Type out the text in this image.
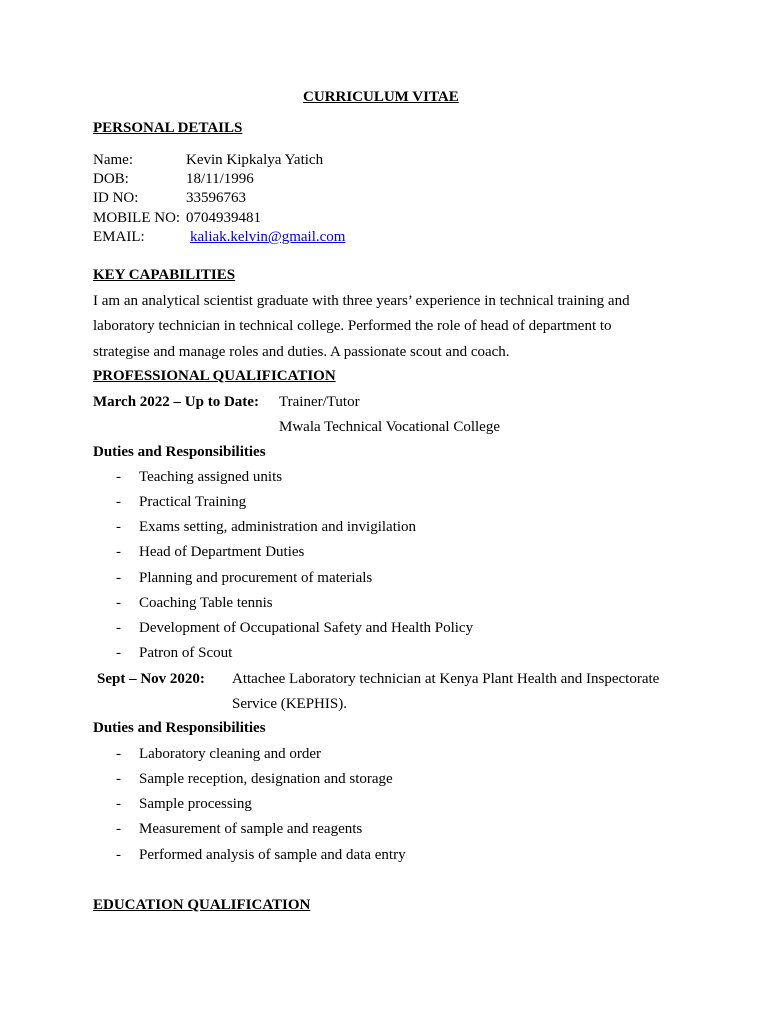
CURRICULUM VITAE
PERSONAL DETAILS
Name:	Kevin Kipkalya Yatich
DOB:	18/11/1996
ID NO:	33596763
MOBILE NO: 0704939481
EMAIL:	kaliak.kelvin@gmail.com
KEY CAPABILITIES
I am an analytical scientist graduate with three years’ experience in technical training and
laboratory technician in technical college. Performed the role of head of department to
strategise and manage roles and duties. A passionate scout and coach.
PROFESSIONAL QUALIFICATION
March 2022 – Up to Date: Trainer/Tutor
Mwala Technical Vocational College
Duties and Responsibilities
- Teaching assigned units
- Practical Training
- Exams setting, administration and invigilation
- Head of Department Duties
- Planning and procurement of materials
- Coaching Table tennis
- Development of Occupational Safety and Health Policy
- Patron of Scout
Sept – Nov 2020: Attachee Laboratory technician at Kenya Plant Health and Inspectorate
Service (KEPHIS).
Duties and Responsibilities
- Laboratory cleaning and order
- Sample reception, designation and storage
- Sample processing
- Measurement of sample and reagents
- Performed analysis of sample and data entry
EDUCATION QUALIFICATION
